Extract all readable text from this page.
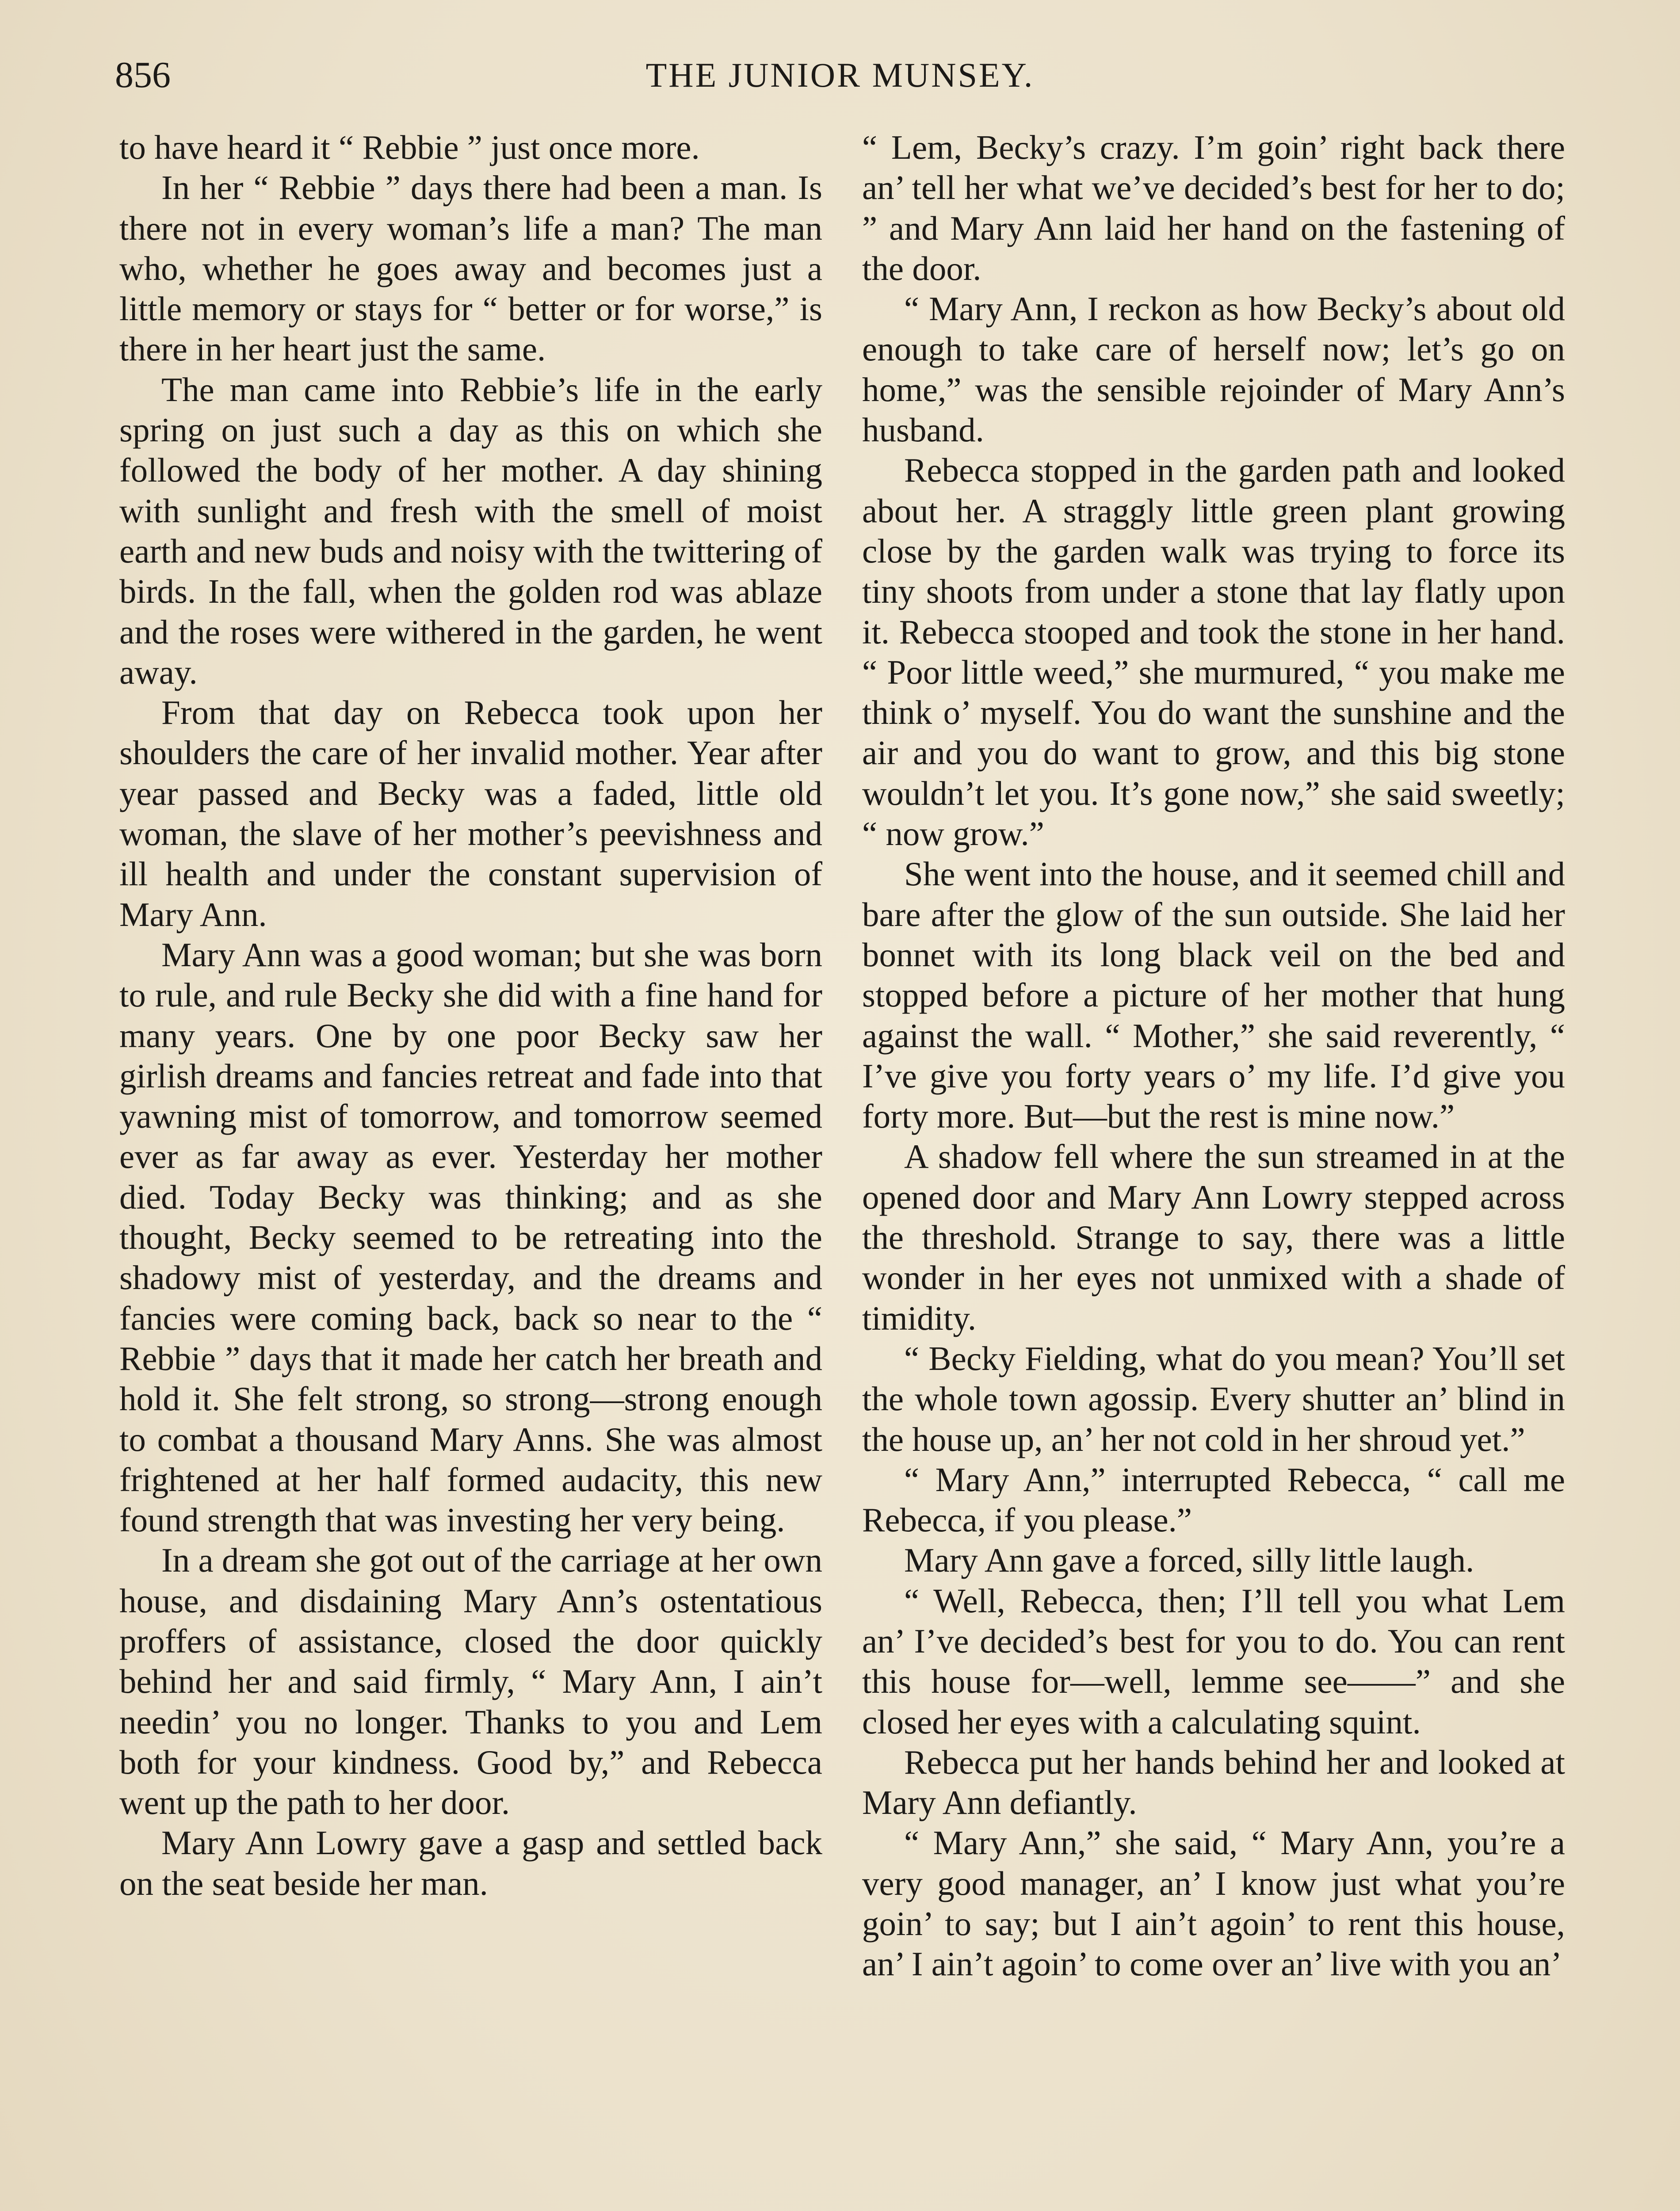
856	THE JUNIOR MUNSEY.

to have heard it “ Rebbie ” just once more.

In her “ Rebbie ” days there had been a man. Is there not in every woman’s life a man? The man who, whether he goes away and becomes just a little memory or stays for “ better or for worse,” is there in her heart just the same.

The man came into Rebbie’s life in the early spring on just such a day as this on which she followed the body of her mother. A day shining with sunlight and fresh with the smell of moist earth and new buds and noisy with the twittering of birds. In the fall, when the golden rod was ablaze and the roses were withered in the garden, he went away.

From that day on Rebecca took upon her shoulders the care of her invalid mother. Year after year passed and Becky was a faded, little old woman, the slave of her mother’s peevishness and ill health and under the constant supervision of Mary Ann.

Mary Ann was a good woman; but she was born to rule, and rule Becky she did with a fine hand for many years. One by one poor Becky saw her girlish dreams and fancies retreat and fade into that yawning mist of tomorrow, and tomorrow seemed ever as far away as ever. Yesterday her mother died. Today Becky was thinking; and as she thought, Becky seemed to be retreating into the shadowy mist of yesterday, and the dreams and fancies were coming back, back so near to the “ Rebbie ” days that it made her catch her breath and hold it. She felt strong, so strong—strong enough to combat a thousand Mary Anns. She was almost frightened at her half formed audacity, this new found strength that was investing her very being.

In a dream she got out of the carriage at her own house, and disdaining Mary Ann’s ostentatious proffers of assistance, closed the door quickly behind her and said firmly, “ Mary Ann, I ain’t needin’ you no longer. Thanks to you and Lem both for your kindness. Good by,” and Rebecca went up the path to her door.

Mary Ann Lowry gave a gasp and settled back on the seat beside her man.

“ Lem, Becky’s crazy. I’m goin’ right back there an’ tell her what we’ve decided’s best for her to do; ” and Mary Ann laid her hand on the fastening of the door.

“ Mary Ann, I reckon as how Becky’s about old enough to take care of herself now; let’s go on home,” was the sensible rejoinder of Mary Ann’s husband.

Rebecca stopped in the garden path and looked about her. A straggly little green plant growing close by the garden walk was trying to force its tiny shoots from under a stone that lay flatly upon it. Rebecca stooped and took the stone in her hand. “ Poor little weed,” she murmured, “ you make me think o’ myself. You do want the sunshine and the air and you do want to grow, and this big stone wouldn’t let you. It’s gone now,” she said sweetly; “ now grow.”

She went into the house, and it seemed chill and bare after the glow of the sun outside. She laid her bonnet with its long black veil on the bed and stopped before a picture of her mother that hung against the wall. “ Mother,” she said reverently, “ I’ve give you forty years o’ my life. I’d give you forty more. But—but the rest is mine now.”

A shadow fell where the sun streamed in at the opened door and Mary Ann Lowry stepped across the threshold. Strange to say, there was a little wonder in her eyes not unmixed with a shade of timidity.

“ Becky Fielding, what do you mean? You’ll set the whole town agossip. Every shutter an’ blind in the house up, an’ her not cold in her shroud yet.”

“ Mary Ann,” interrupted Rebecca, “ call me Rebecca, if you please.”

Mary Ann gave a forced, silly little laugh.

“ Well, Rebecca, then; I’ll tell you what Lem an’ I’ve decided’s best for you to do. You can rent this house for—well, lemme see——” and she closed her eyes with a calculating squint.

Rebecca put her hands behind her and looked at Mary Ann defiantly.

“ Mary Ann,” she said, “ Mary Ann, you’re a very good manager, an’ I know just what you’re goin’ to say; but I ain’t agoin’ to rent this house, an’ I ain’t agoin’ to come over an’ live with you an’
